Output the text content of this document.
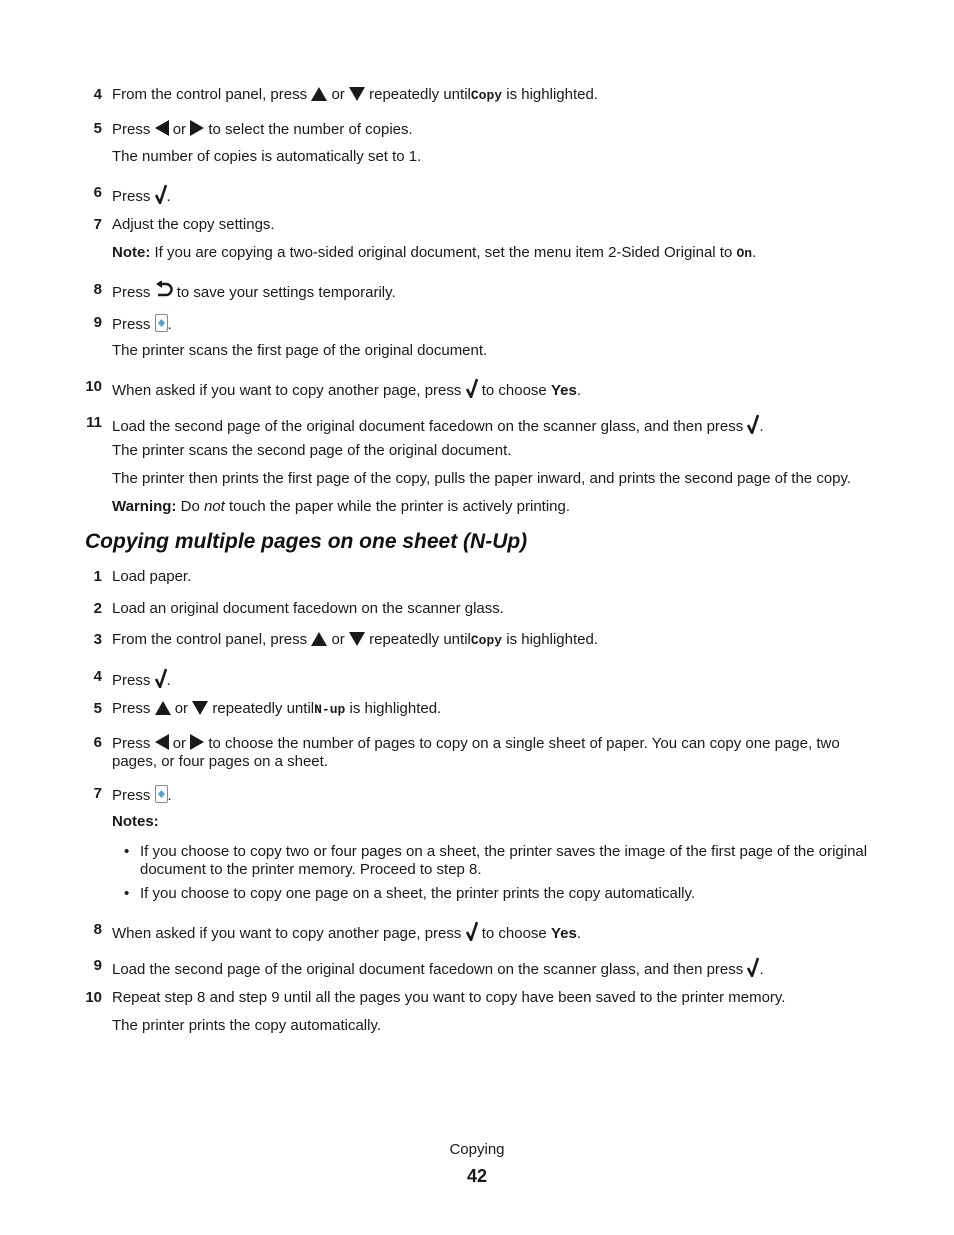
4 From the control panel, press or repeatedly untilCopy is highlighted.
5 Press or to select the number of copies.
The number of copies is automatically set to 1.
6 Press .
7 Adjust the copy settings.
Note: If you are copying a two-sided original document, set the menu item 2-Sided Original to On.
8 Press to save your settings temporarily.
9 Press .
The printer scans the first page of the original document.
10 When asked if you want to copy another page, press to choose Yes.
11 Load the second page of the original document facedown on the scanner glass, and then press .
The printer scans the second page of the original document.
The printer then prints the first page of the copy, pulls the paper inward, and prints the second page of the copy.
Warning: Do not touch the paper while the printer is actively printing.
Copying multiple pages on one sheet (N-Up)
1 Load paper.
2 Load an original document facedown on the scanner glass.
3 From the control panel, press or repeatedly untilCopy is highlighted.
4 Press .
5 Press or repeatedly untilN-up is highlighted.
6 Press or to choose the number of pages to copy on a single sheet of paper. You can copy one page, two pages, or four pages on a sheet.
7 Press .
Notes:
• If you choose to copy two or four pages on a sheet, the printer saves the image of the first page of the original document to the printer memory. Proceed to step 8.
• If you choose to copy one page on a sheet, the printer prints the copy automatically.
8 When asked if you want to copy another page, press to choose Yes.
9 Load the second page of the original document facedown on the scanner glass, and then press .
10 Repeat step 8 and step 9 until all the pages you want to copy have been saved to the printer memory.
The printer prints the copy automatically.
Copying
42
